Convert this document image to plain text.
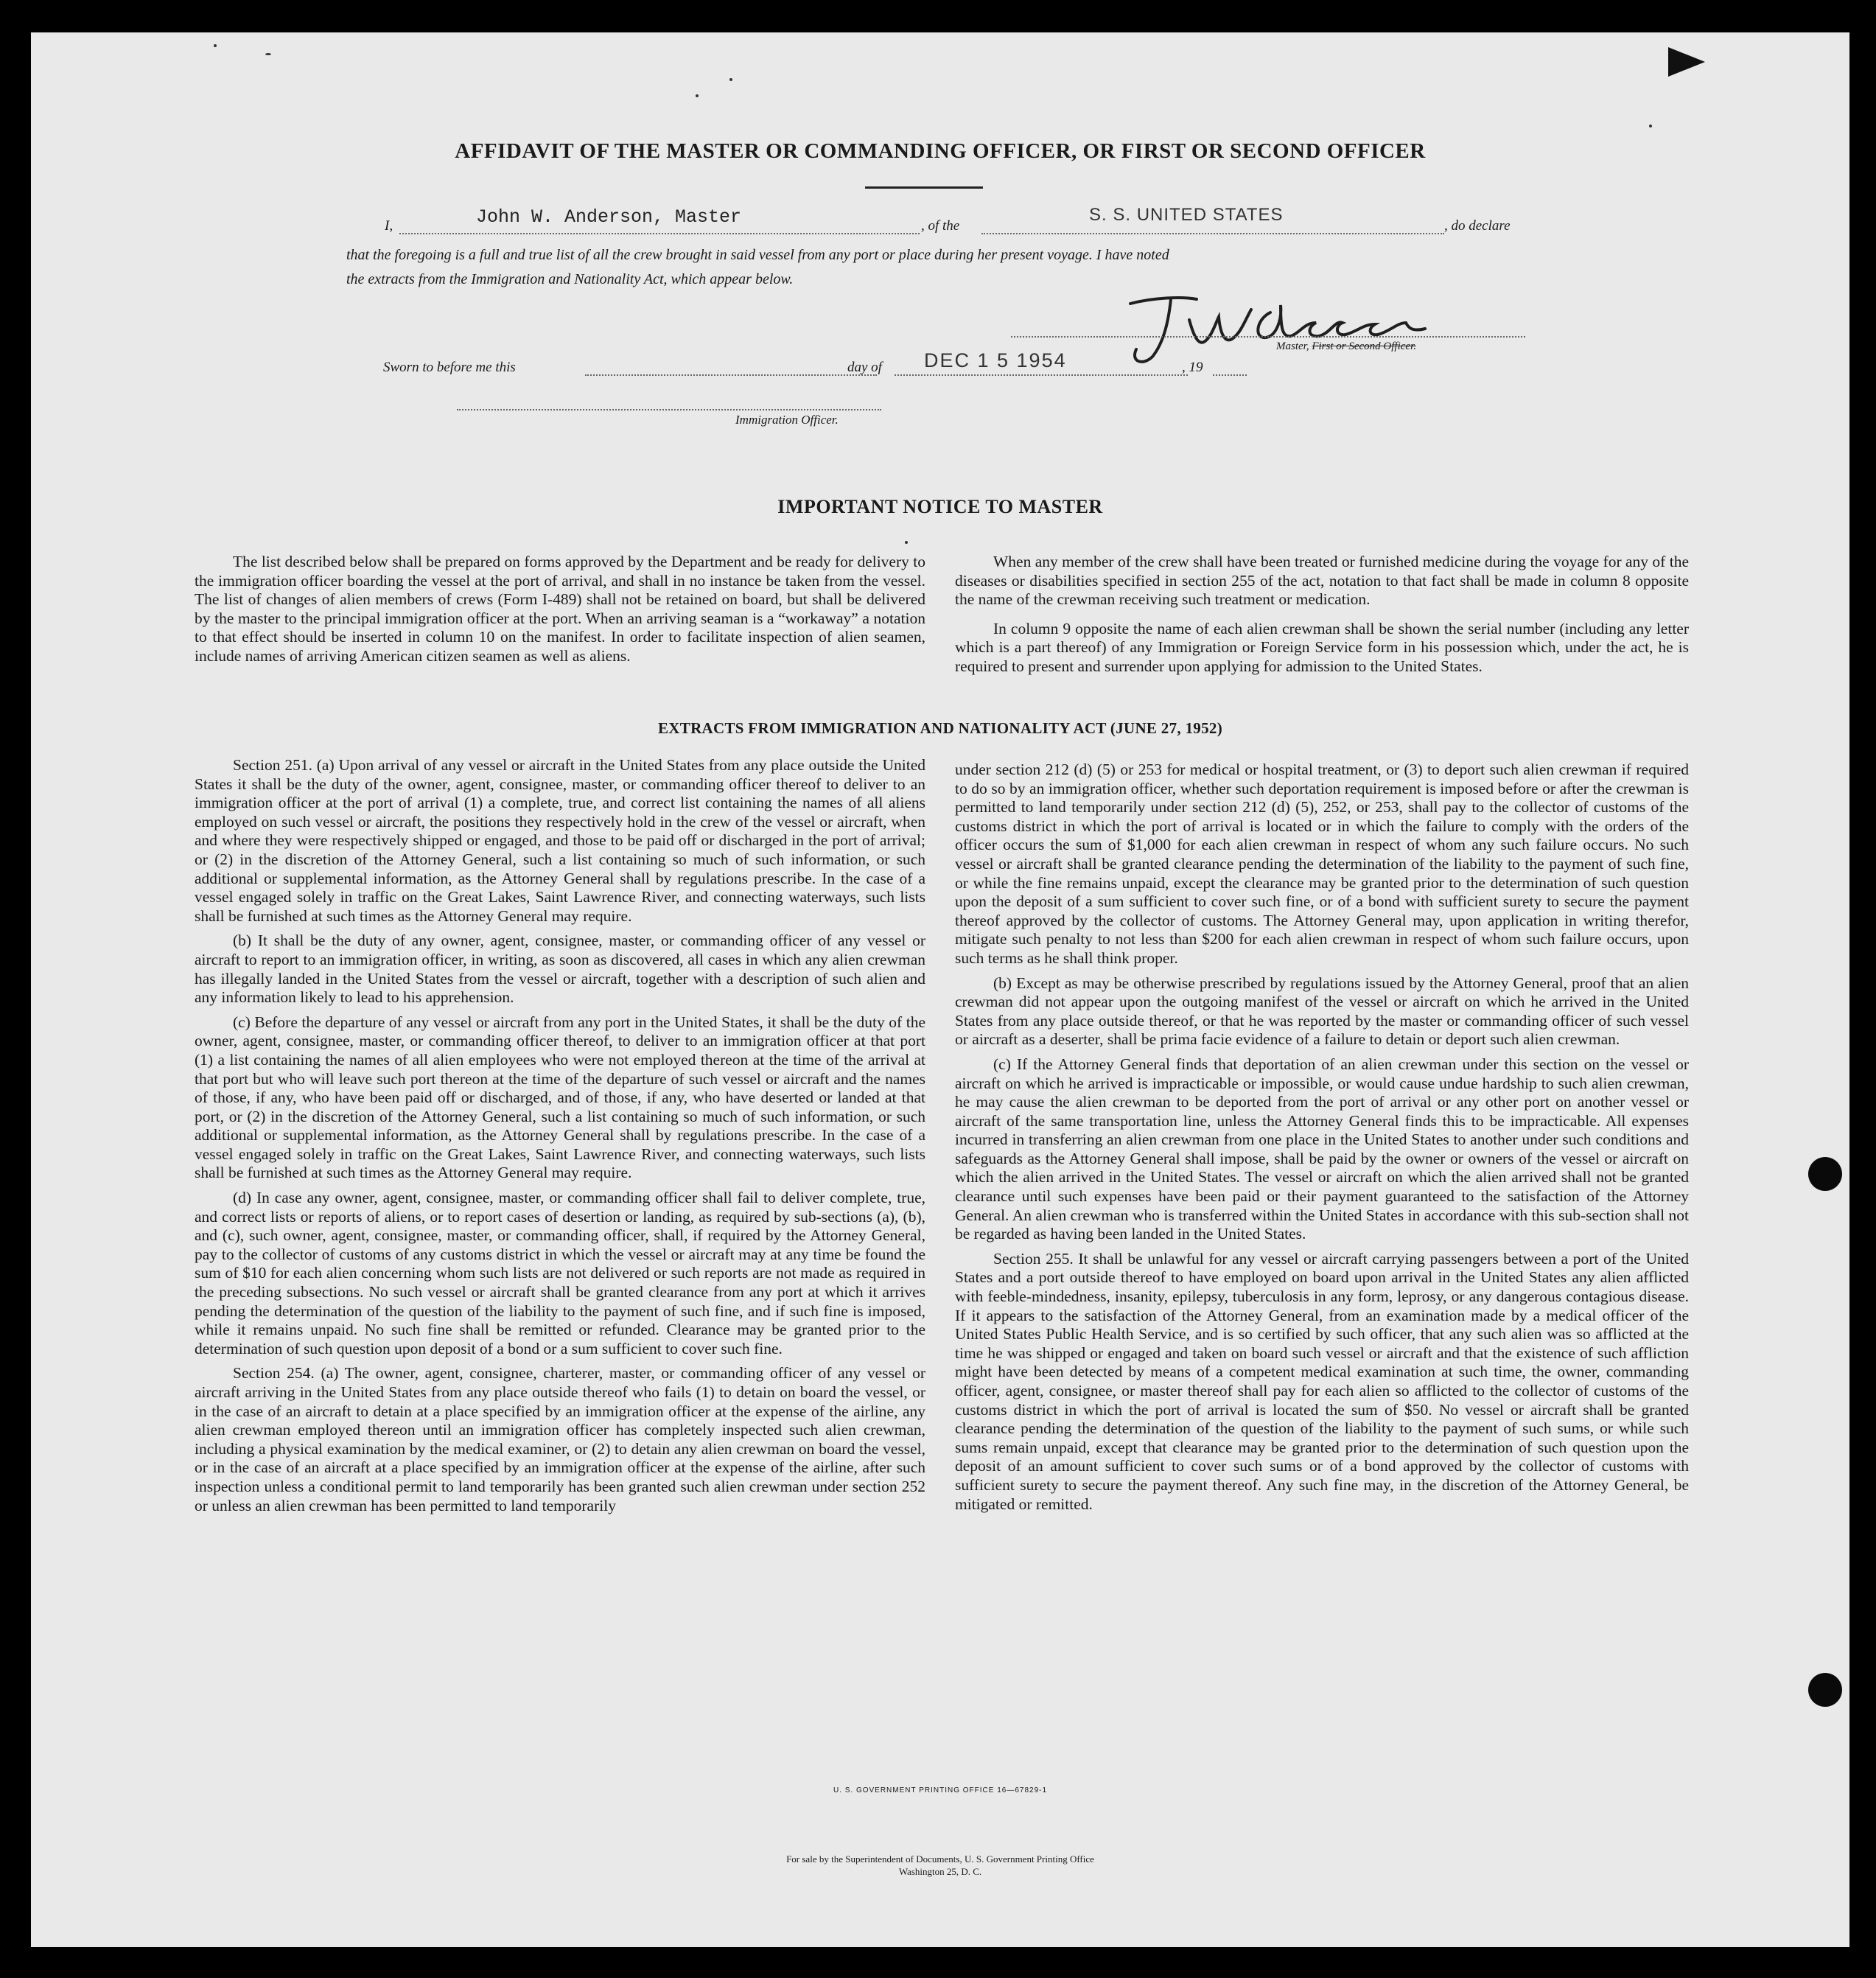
AFFIDAVIT OF THE MASTER OR COMMANDING OFFICER, OR FIRST OR SECOND OFFICER
I,	John W. Anderson, Master	, of the
S. S. UNITED STATES
, do declare
that the foregoing is a full and true list of all the crew brought in said vessel from any port or place during her present voyage. I have noted
the extracts from the Immigration and Nationality Act, which appear below.
Master, First or Second Officer.
Sworn to before me this	day of DEC 1 5 1954	, 19
Immigration Officer.
IMPORTANT NOTICE TO MASTER

The list described below shall be prepared on forms approved by the Department and be ready for delivery to the immigration officer boarding the vessel at the port of arrival, and shall in no instance be taken from the vessel. The list of changes of alien members of crews (Form I-489) shall not be retained on board, but shall be delivered by the master to the principal immigration officer at the port. When an arriving seaman is a “workaway” a notation to that effect should be inserted in column 10 on the manifest. In order to facilitate inspection of alien seamen, include names of arriving American citizen seamen as well as aliens.

When any member of the crew shall have been treated or furnished medicine during the voyage for any of the diseases or disabilities specified in section 255 of the act, notation to that fact shall be made in column 8 opposite the name of the crewman receiving such treatment or medication.

In column 9 opposite the name of each alien crewman shall be shown the serial number (including any letter which is a part thereof) of any Immigration or Foreign Service form in his possession which, under the act, he is required to present and surrender upon applying for admission to the United States.

EXTRACTS FROM IMMIGRATION AND NATIONALITY ACT (JUNE 27, 1952)

Section 251. (a) Upon arrival of any vessel or aircraft in the United States from any place outside the United States it shall be the duty of the owner, agent, consignee, master, or commanding officer thereof to deliver to an immigration officer at the port of arrival (1) a complete, true, and correct list containing the names of all aliens employed on such vessel or aircraft, the positions they respectively hold in the crew of the vessel or aircraft, when and where they were respectively shipped or engaged, and those to be paid off or discharged in the port of arrival; or (2) in the discretion of the Attorney General, such a list containing so much of such information, or such additional or supplemental information, as the Attorney General shall by regulations prescribe. In the case of a vessel engaged solely in traffic on the Great Lakes, Saint Lawrence River, and connecting waterways, such lists shall be furnished at such times as the Attorney General may require.

(b) It shall be the duty of any owner, agent, consignee, master, or commanding officer of any vessel or aircraft to report to an immigration officer, in writing, as soon as discovered, all cases in which any alien crewman has illegally landed in the United States from the vessel or aircraft, together with a description of such alien and any information likely to lead to his apprehension.

(c) Before the departure of any vessel or aircraft from any port in the United States, it shall be the duty of the owner, agent, consignee, master, or commanding officer thereof, to deliver to an immigration officer at that port (1) a list containing the names of all alien employees who were not employed thereon at the time of the arrival at that port but who will leave such port thereon at the time of the departure of such vessel or aircraft and the names of those, if any, who have been paid off or discharged, and of those, if any, who have deserted or landed at that port, or (2) in the discretion of the Attorney General, such a list containing so much of such information, or such additional or supplemental information, as the Attorney General shall by regulations prescribe. In the case of a vessel engaged solely in traffic on the Great Lakes, Saint Lawrence River, and connecting waterways, such lists shall be furnished at such times as the Attorney General may require.

(d) In case any owner, agent, consignee, master, or commanding officer shall fail to deliver complete, true, and correct lists or reports of aliens, or to report cases of desertion or landing, as required by sub-sections (a), (b), and (c), such owner, agent, consignee, master, or commanding officer, shall, if required by the Attorney General, pay to the collector of customs of any customs district in which the vessel or aircraft may at any time be found the sum of $10 for each alien concerning whom such lists are not delivered or such reports are not made as required in the preceding subsections. No such vessel or aircraft shall be granted clearance from any port at which it arrives pending the determination of the question of the liability to the payment of such fine, and if such fine is imposed, while it remains unpaid. No such fine shall be remitted or refunded. Clearance may be granted prior to the determination of such question upon deposit of a bond or a sum sufficient to cover such fine.

Section 254. (a) The owner, agent, consignee, charterer, master, or commanding officer of any vessel or aircraft arriving in the United States from any place outside thereof who fails (1) to detain on board the vessel, or in the case of an aircraft to detain at a place specified by an immigration officer at the expense of the airline, any alien crewman employed thereon until an immigration officer has completely inspected such alien crewman, including a physical examination by the medical examiner, or (2) to detain any alien crewman on board the vessel, or in the case of an aircraft at a place specified by an immigration officer at the expense of the airline, after such inspection unless a conditional permit to land temporarily has been granted such alien crewman under section 252 or unless an alien crewman has been permitted to land temporarily

under section 212 (d) (5) or 253 for medical or hospital treatment, or (3) to deport such alien crewman if required to do so by an immigration officer, whether such deportation requirement is imposed before or after the crewman is permitted to land temporarily under section 212 (d) (5), 252, or 253, shall pay to the collector of customs of the customs district in which the port of arrival is located or in which the failure to comply with the orders of the officer occurs the sum of $1,000 for each alien crewman in respect of whom any such failure occurs. No such vessel or aircraft shall be granted clearance pending the determination of the liability to the payment of such fine, or while the fine remains unpaid, except the clearance may be granted prior to the determination of such question upon the deposit of a sum sufficient to cover such fine, or of a bond with sufficient surety to secure the payment thereof approved by the collector of customs. The Attorney General may, upon application in writing therefor, mitigate such penalty to not less than $200 for each alien crewman in respect of whom such failure occurs, upon such terms as he shall think proper.

(b) Except as may be otherwise prescribed by regulations issued by the Attorney General, proof that an alien crewman did not appear upon the outgoing manifest of the vessel or aircraft on which he arrived in the United States from any place outside thereof, or that he was reported by the master or commanding officer of such vessel or aircraft as a deserter, shall be prima facie evidence of a failure to detain or deport such alien crewman.

(c) If the Attorney General finds that deportation of an alien crewman under this section on the vessel or aircraft on which he arrived is impracticable or impossible, or would cause undue hardship to such alien crewman, he may cause the alien crewman to be deported from the port of arrival or any other port on another vessel or aircraft of the same transportation line, unless the Attorney General finds this to be impracticable. All expenses incurred in transferring an alien crewman from one place in the United States to another under such conditions and safeguards as the Attorney General shall impose, shall be paid by the owner or owners of the vessel or aircraft on which the alien arrived in the United States. The vessel or aircraft on which the alien arrived shall not be granted clearance until such expenses have been paid or their payment guaranteed to the satisfaction of the Attorney General. An alien crewman who is transferred within the United States in accordance with this sub-section shall not be regarded as having been landed in the United States.

Section 255. It shall be unlawful for any vessel or aircraft carrying passengers between a port of the United States and a port outside thereof to have employed on board upon arrival in the United States any alien afflicted with feeble-mindedness, insanity, epilepsy, tuberculosis in any form, leprosy, or any dangerous contagious disease. If it appears to the satisfaction of the Attorney General, from an examination made by a medical officer of the United States Public Health Service, and is so certified by such officer, that any such alien was so afflicted at the time he was shipped or engaged and taken on board such vessel or aircraft and that the existence of such affliction might have been detected by means of a competent medical examination at such time, the owner, commanding officer, agent, consignee, or master thereof shall pay for each alien so afflicted to the collector of customs of the customs district in which the port of arrival is located the sum of $50. No vessel or aircraft shall be granted clearance pending the determination of the question of the liability to the payment of such sums, or while such sums remain unpaid, except that clearance may be granted prior to the determination of such question upon the deposit of an amount sufficient to cover such sums or of a bond approved by the collector of customs with sufficient surety to secure the payment thereof. Any such fine may, in the discretion of the Attorney General, be mitigated or remitted.

U. S. GOVERNMENT PRINTING OFFICE 16—67829-1
For sale by the Superintendent of Documents, U. S. Government Printing Office
Washington 25, D. C.
